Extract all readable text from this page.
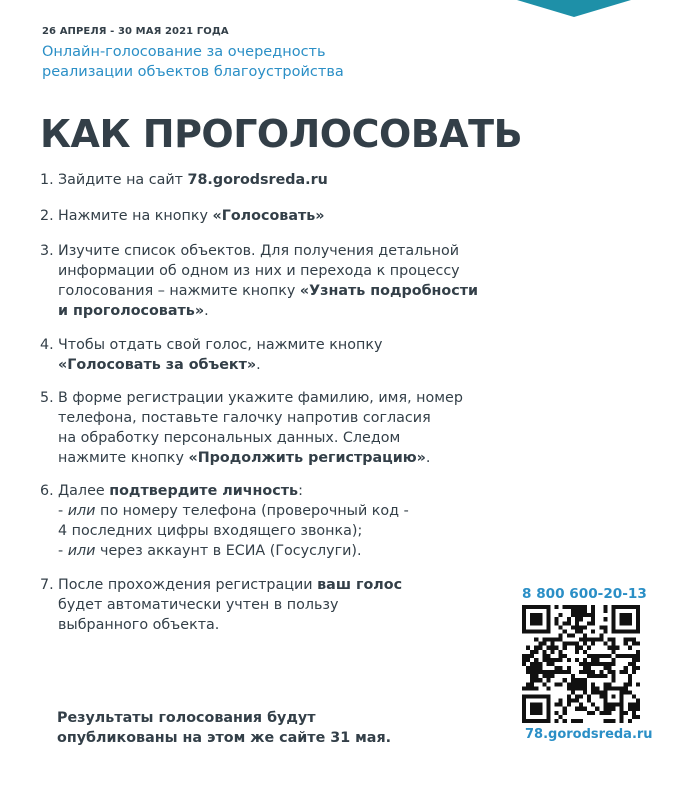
26 АПРЕЛЯ - 30 МАЯ 2021 ГОДА
Онлайн-голосование за очередность
реализации объектов благоустройства
КАК ПРОГОЛОСОВАТЬ
1. Зайдите на сайт 78.gorodsreda.ru
2. Нажмите на кнопку «Голосовать»
3. Изучите список объектов. Для получения детальной
информации об одном из них и перехода к процессу
голосования – нажмите кнопку «Узнать подробности
и проголосовать».
4. Чтобы отдать свой голос, нажмите кнопку
«Голосовать за объект».
5. В форме регистрации укажите фамилию, имя, номер
телефона, поставьте галочку напротив согласия
на обработку персональных данных. Следом
нажмите кнопку «Продолжить регистрацию».
6. Далее подтвердите личность:
- или по номеру телефона (проверочный код -
4 последних цифры входящего звонка);
- или через аккаунт в ЕСИА (Госуслуги).
7. После прохождения регистрации ваш голос
будет автоматически учтен в пользу
выбранного объекта.
Результаты голосования будут
опубликованы на этом же сайте 31 мая.
8 800 600-20-13
78.gorodsreda.ru
